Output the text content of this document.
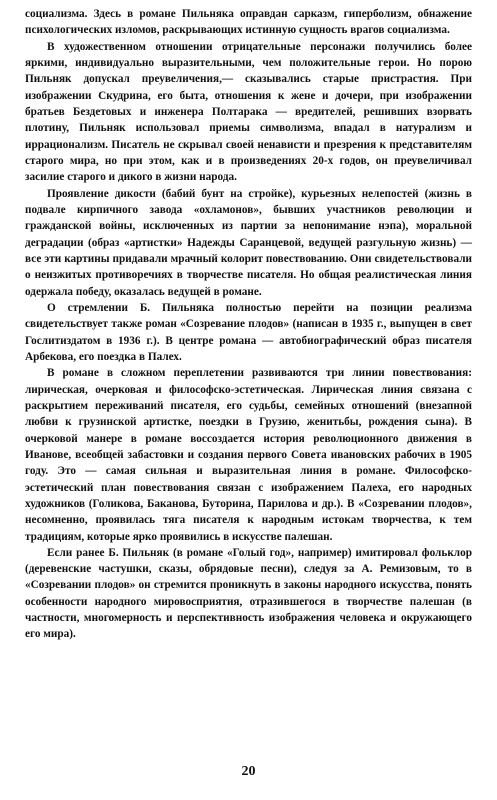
социализма. Здесь в романе Пильняка оправдан сарказм, гиперболизм, обнажение психологических изломов, раскрывающих истинную сущность врагов социализма.

В художественном отношении отрицательные персонажи получились более яркими, индивидуально выразительными, чем положительные герои. Но порою Пильняк допускал преувеличения,— сказывались старые пристрастия. При изображении Скудрина, его быта, отношения к жене и дочери, при изображении братьев Бездетовых и инженера Полтарака — вредителей, решивших взорвать плотину, Пильняк использовал приемы символизма, впадал в натурализм и иррационализм. Писатель не скрывал своей ненависти и презрения к представителям старого мира, но при этом, как и в произведениях 20-х годов, он преувеличивал засилие старого и дикого в жизни народа.

Проявление дикости (бабий бунт на стройке), курьезных нелепостей (жизнь в подвале кирпичного завода «охламонов», бывших участников революции и гражданской войны, исключенных из партии за непонимание нэпа), моральной деградации (образ «артистки» Надежды Саранцевой, ведущей разгульную жизнь) — все эти картины придавали мрачный колорит повествованию. Они свидетельствовали о неизжитых противоречиях в творчестве писателя. Но общая реалистическая линия одержала победу, оказалась ведущей в романе.

О стремлении Б. Пильняка полностью перейти на позиции реализма свидетельствует также роман «Созревание плодов» (написан в 1935 г., выпущен в свет Гослитиздатом в 1936 г.). В центре романа — автобиографический образ писателя Арбекова, его поездка в Палех.

В романе в сложном переплетении развиваются три линии повествования: лирическая, очерковая и философско-эстетическая. Лирическая линия связана с раскрытием переживаний писателя, его судьбы, семейных отношений (внезапной любви к грузинской артистке, поездки в Грузию, женитьбы, рождения сына). В очерковой манере в романе воссоздается история революционного движения в Иванове, всеобщей забастовки и создания первого Совета ивановских рабочих в 1905 году. Это — самая сильная и выразительная линия в романе. Философско-эстетический план повествования связан с изображением Палеха, его народных художников (Голикова, Баканова, Буторина, Парилова и др.). В «Созревании плодов», несомненно, проявилась тяга писателя к народным истокам творчества, к тем традициям, которые ярко проявились в искусстве палешан.

Если ранее Б. Пильняк (в романе «Голый год», например) имитировал фольклор (деревенские частушки, сказы, обрядовые песни), следуя за А. Ремизовым, то в «Созревании плодов» он стремится проникнуть в законы народного искусства, понять особенности народного мировосприятия, отразившегося в творчестве палешан (в частности, многомерность и перспективность изображения человека и окружающего его мира).

20
